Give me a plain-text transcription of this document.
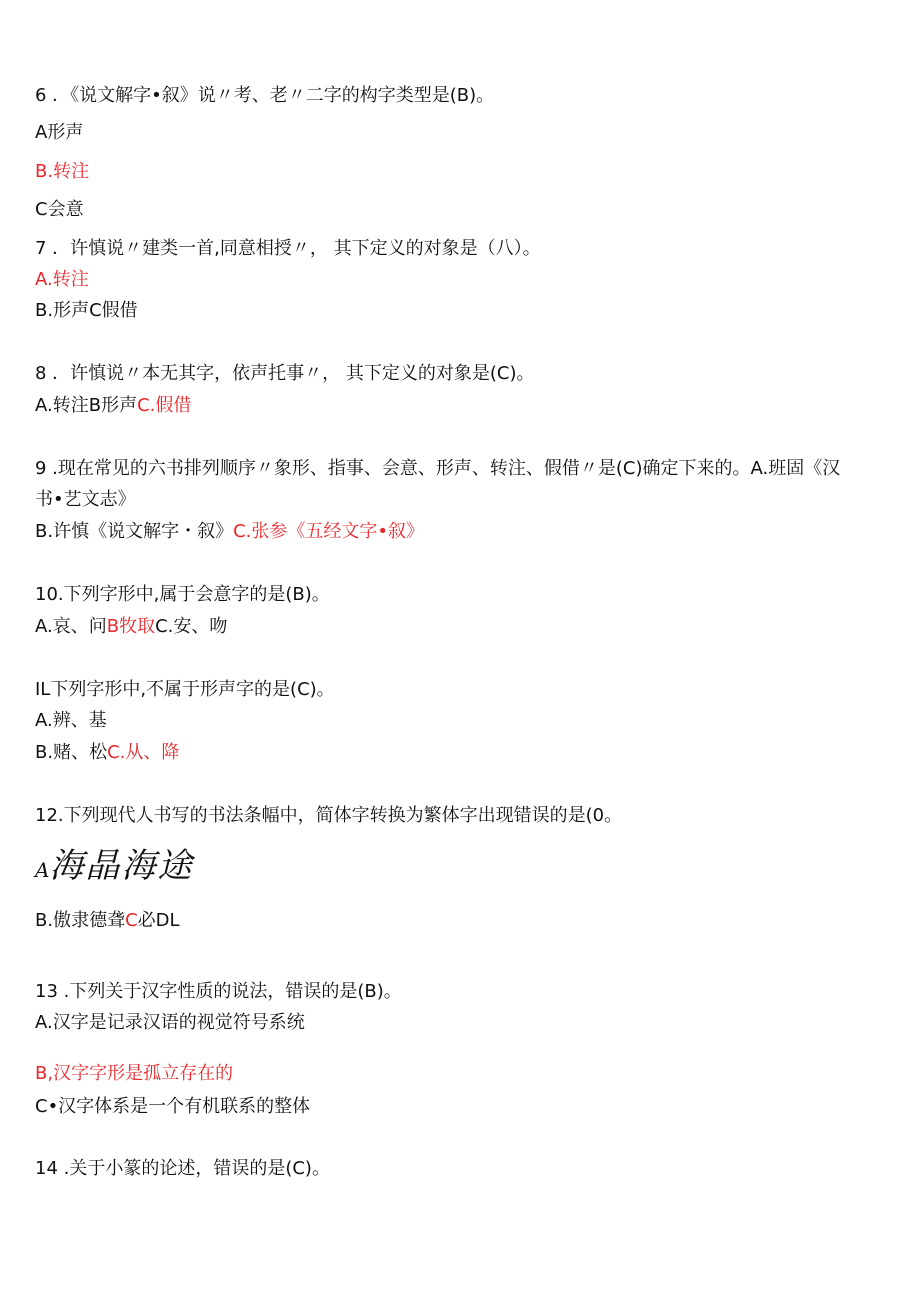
6 ．《说文解字•叙》说〃考、老〃二字的构字类型是(B)。
A形声
B.转注
C会意
7 ．许慎说〃建类一首,同意相授〃， 其下定义的对象是（八）。
A.转注
B.形声C假借
8 ．许慎说〃本无其字，依声托事〃， 其下定义的对象是(C)。
A.转注B形声C.假借
9 .现在常见的六书排列顺序〃象形、指事、会意、形声、转注、假借〃是(C)确定下来的。A.班固《汉
书•艺文志》
B.许慎《说文解字・叙》C.张参《五经文字•叙》
10.下列字形中,属于会意字的是(B)。
A.哀、问B牧取C.安、吻
IL下列字形中,不属于形声字的是(C)。
A.辨、基
B.赌、松C.从、降
12.下列现代人书写的书法条幅中，简体字转换为繁体字出现错误的是(0。
A海晶海途
B.傲隶德聋C必DL
13 .下列关于汉字性质的说法，错误的是(B)。
A.汉字是记录汉语的视觉符号系统
B,汉字字形是孤立存在的
C•汉字体系是一个有机联系的整体
14 .关于小篆的论述，错误的是(C)。
